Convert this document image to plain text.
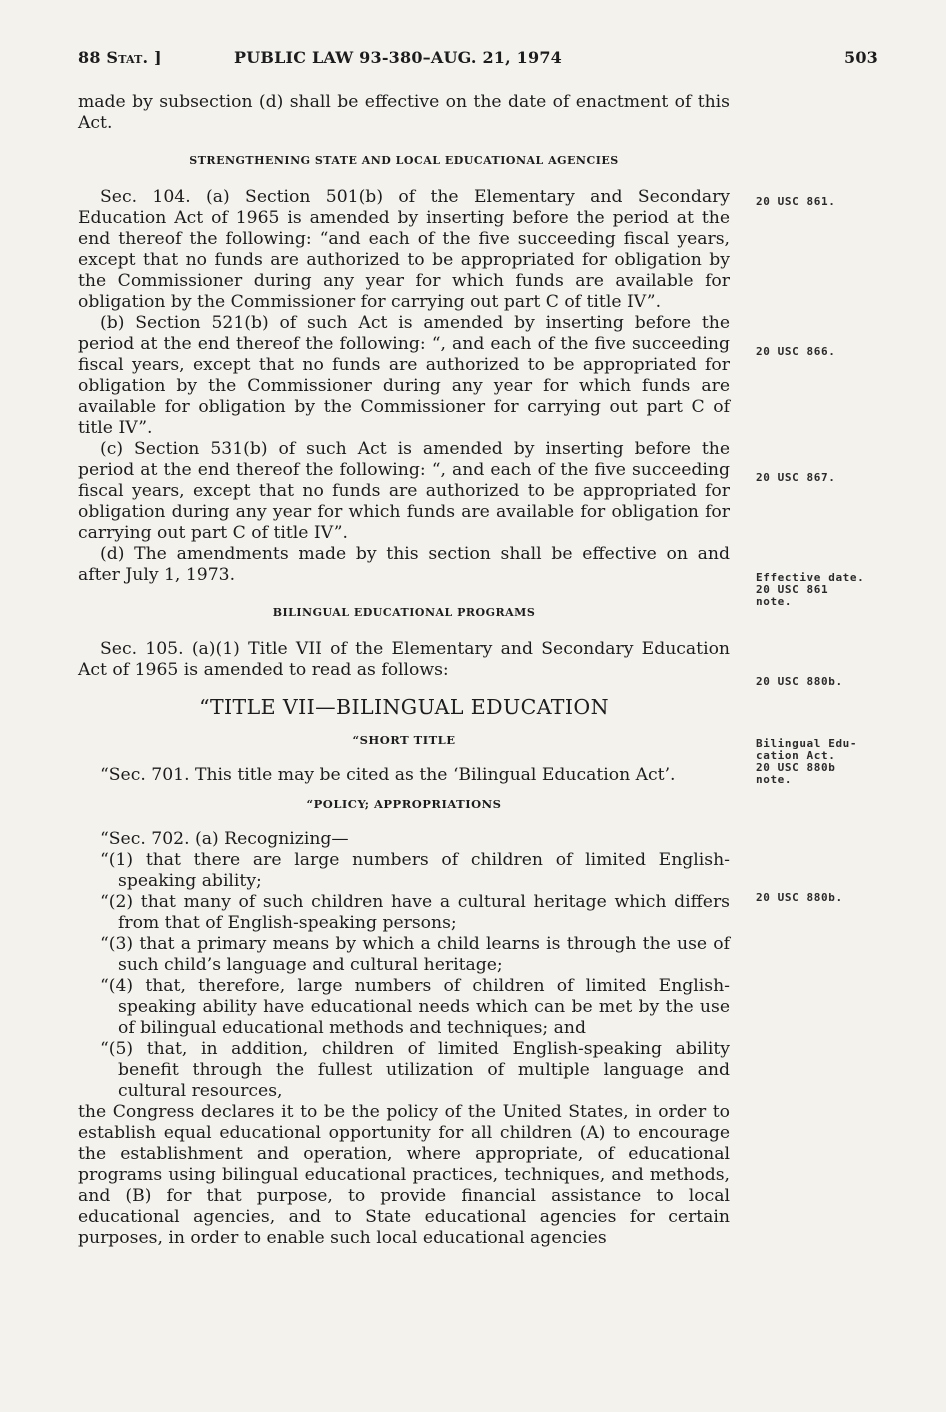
88 Stat. ]	PUBLIC LAW 93-380–AUG. 21, 1974	503

made by subsection (d) shall be effective on the date of enactment of this Act.

STRENGTHENING STATE AND LOCAL EDUCATIONAL AGENCIES

Sec. 104. (a) Section 501(b) of the Elementary and Secondary Education Act of 1965 is amended by inserting before the period at the end thereof the following: “and each of the five succeeding fiscal years, except that no funds are authorized to be appropriated for obligation by the Commissioner during any year for which funds are available for obligation by the Commissioner for carrying out part C of title IV”.

(b) Section 521(b) of such Act is amended by inserting before the period at the end thereof the following: “, and each of the five succeeding fiscal years, except that no funds are authorized to be appropriated for obligation by the Commissioner during any year for which funds are available for obligation by the Commissioner for carrying out part C of title IV”.

(c) Section 531(b) of such Act is amended by inserting before the period at the end thereof the following: “, and each of the five succeeding fiscal years, except that no funds are authorized to be appropriated for obligation during any year for which funds are available for obligation for carrying out part C of title IV”.

(d) The amendments made by this section shall be effective on and after July 1, 1973.

BILINGUAL EDUCATIONAL PROGRAMS

Sec. 105. (a)(1) Title VII of the Elementary and Secondary Education Act of 1965 is amended to read as follows:

“TITLE VII—BILINGUAL EDUCATION
“SHORT TITLE

“Sec. 701. This title may be cited as the ‘Bilingual Education Act’.

“POLICY; APPROPRIATIONS

“Sec. 702. (a) Recognizing—

“(1) that there are large numbers of children of limited English-speaking ability;

“(2) that many of such children have a cultural heritage which differs from that of English-speaking persons;

“(3) that a primary means by which a child learns is through the use of such child’s language and cultural heritage;

“(4) that, therefore, large numbers of children of limited English-speaking ability have educational needs which can be met by the use of bilingual educational methods and techniques; and

“(5) that, in addition, children of limited English-speaking ability benefit through the fullest utilization of multiple language and cultural resources,

the Congress declares it to be the policy of the United States, in order to establish equal educational opportunity for all children (A) to encourage the establishment and operation, where appropriate, of educational programs using bilingual educational practices, techniques, and methods, and (B) for that purpose, to provide financial assistance to local educational agencies, and to State educational agencies for certain purposes, in order to enable such local educational agencies

20 USC 861.
20 USC 866.
20 USC 867.
Effective date.
20 USC 861
note.
20 USC 880b.
Bilingual Edu-
cation Act.
20 USC 880b
note.
20 USC 880b.
